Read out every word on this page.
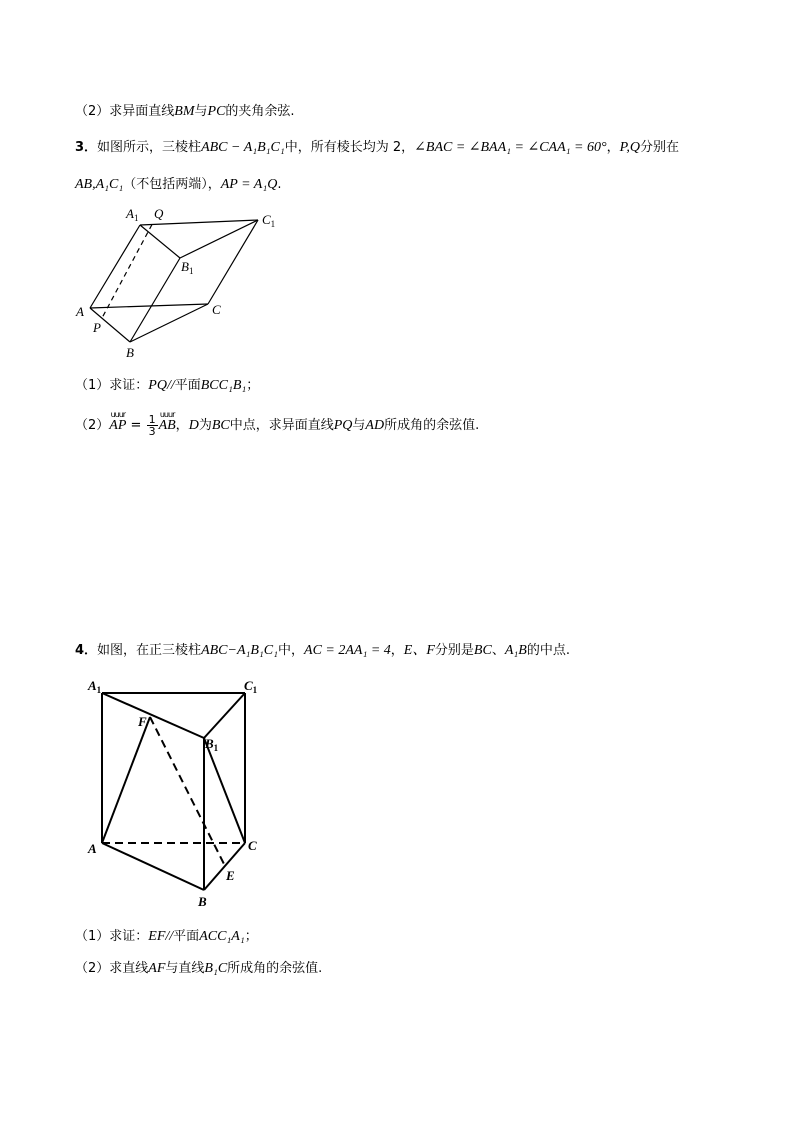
（2）求异面直线BM与PC的夹角余弦.
3．如图所示，三棱柱ABC − A₁B₁C₁中，所有棱长均为 2，∠BAC = ∠BAA₁ = ∠CAA₁ = 60°，P,Q分别在
AB,A₁C₁（不包括两端），AP = A₁Q.
$A_1$ Q	$C_1$
$B_1$
A
P
C
B
（1）求证：PQ//平面BCC₁B₁；
（2）
uuur
AP = $\frac{1}{3}$ uuur
AB，D为BC中点，求异面直线PQ与AD所成角的余弦值.
4．如图，在正三棱柱ABC−A₁B₁C₁中，AC = 2AA₁ = 4，E、F分别是BC、A₁B的中点.
$A_1$	$C_1$
F
$B_1$
A	C
E
B
（1）求证：EF//平面ACC₁A₁；
（2）求直线AF与直线B₁C所成角的余弦值.
